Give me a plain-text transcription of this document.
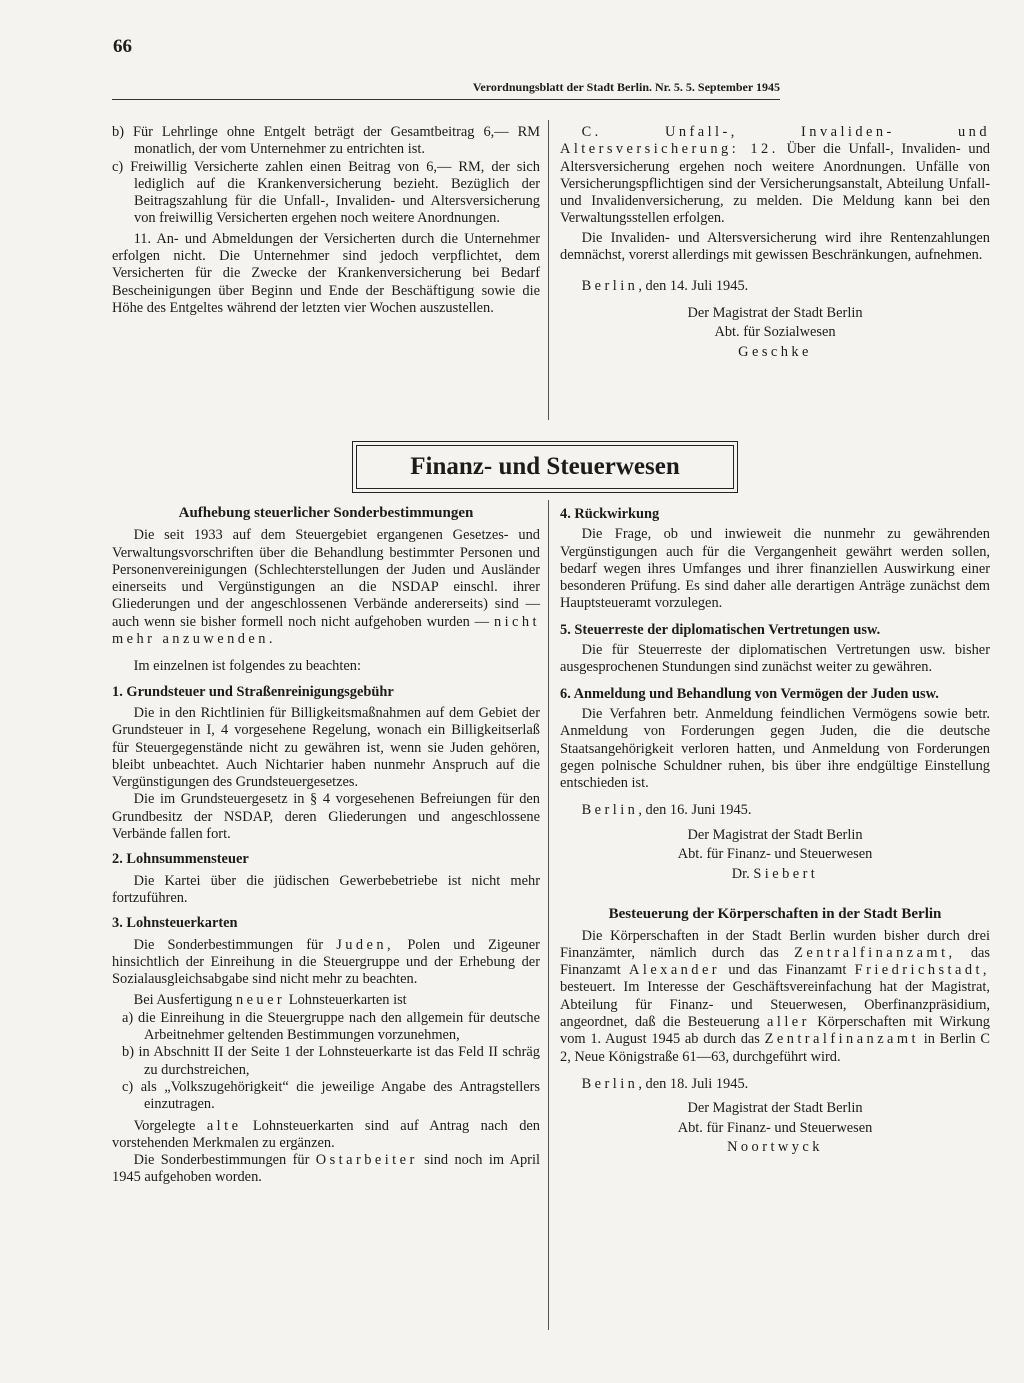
66
Verordnungsblatt der Stadt Berlin. Nr. 5. 5. September 1945

b) Für Lehrlinge ohne Entgelt beträgt der Gesamtbeitrag 6,— RM monatlich, der vom Unternehmer zu entrichten ist.

c) Freiwillig Versicherte zahlen einen Beitrag von 6,— RM, der sich lediglich auf die Krankenversicherung bezieht. Bezüglich der Beitragszahlung für die Unfall-, Invaliden- und Altersversicherung von freiwillig Versicherten ergehen noch weitere Anordnungen.

11. An- und Abmeldungen der Versicherten durch die Unternehmer erfolgen nicht. Die Unternehmer sind jedoch verpflichtet, dem Versicherten für die Zwecke der Krankenversicherung bei Bedarf Bescheinigungen über Beginn und Ende der Beschäftigung sowie die Höhe des Entgeltes während der letzten vier Wochen auszustellen.

C. Unfall-, Invaliden- und Altersversicherung: 12. Über die Unfall-, Invaliden- und Altersversicherung ergehen noch weitere Anordnungen. Unfälle von Versicherungspflichtigen sind der Versicherungsanstalt, Abteilung Unfall- und Invalidenversicherung, zu melden. Die Meldung kann bei den Verwaltungsstellen erfolgen.

Die Invaliden- und Altersversicherung wird ihre Rentenzahlungen demnächst, vorerst allerdings mit gewissen Beschränkungen, aufnehmen.

Berlin, den 14. Juli 1945.

Der Magistrat der Stadt Berlin

Abt. für Sozialwesen

Geschke

Finanz- und Steuerwesen

Aufhebung steuerlicher Sonderbestimmungen

Die seit 1933 auf dem Steuergebiet ergangenen Gesetzes- und Verwaltungsvorschriften über die Behandlung bestimmter Personen und Personenvereinigungen (Schlechterstellungen der Juden und Ausländer einerseits und Vergünstigungen an die NSDAP einschl. ihrer Gliederungen und der angeschlossenen Verbände andererseits) sind — auch wenn sie bisher formell noch nicht aufgehoben wurden — nicht mehr anzuwenden.

Im einzelnen ist folgendes zu beachten:

1. Grundsteuer und Straßenreinigungsgebühr

Die in den Richtlinien für Billigkeitsmaßnahmen auf dem Gebiet der Grundsteuer in I, 4 vorgesehene Regelung, wonach ein Billigkeitserlaß für Steuergegenstände nicht zu gewähren ist, wenn sie Juden gehören, bleibt unbeachtet. Auch Nichtarier haben nunmehr Anspruch auf die Vergünstigungen des Grundsteuergesetzes.

Die im Grundsteuergesetz in § 4 vorgesehenen Befreiungen für den Grundbesitz der NSDAP, deren Gliederungen und angeschlossene Verbände fallen fort.

2. Lohnsummensteuer

Die Kartei über die jüdischen Gewerbebetriebe ist nicht mehr fortzuführen.

3. Lohnsteuerkarten

Die Sonderbestimmungen für Juden, Polen und Zigeuner hinsichtlich der Einreihung in die Steuergruppe und der Erhebung der Sozialausgleichsabgabe sind nicht mehr zu beachten.

Bei Ausfertigung neuer Lohnsteuerkarten ist

a) die Einreihung in die Steuergruppe nach den allgemein für deutsche Arbeitnehmer geltenden Bestimmungen vorzunehmen,

b) in Abschnitt II der Seite 1 der Lohnsteuerkarte ist das Feld II schräg zu durchstreichen,

c) als „Volkszugehörigkeit“ die jeweilige Angabe des Antragstellers einzutragen.

Vorgelegte alte Lohnsteuerkarten sind auf Antrag nach den vorstehenden Merkmalen zu ergänzen.

Die Sonderbestimmungen für Ostarbeiter sind noch im April 1945 aufgehoben worden.

4. Rückwirkung

Die Frage, ob und inwieweit die nunmehr zu gewährenden Vergünstigungen auch für die Vergangenheit gewährt werden sollen, bedarf wegen ihres Umfanges und ihrer finanziellen Auswirkung einer besonderen Prüfung. Es sind daher alle derartigen Anträge zunächst dem Hauptsteueramt vorzulegen.

5. Steuerreste der diplomatischen Vertretungen usw.

Die für Steuerreste der diplomatischen Vertretungen usw. bisher ausgesprochenen Stundungen sind zunächst weiter zu gewähren.

6. Anmeldung und Behandlung von Vermögen der Juden usw.

Die Verfahren betr. Anmeldung feindlichen Vermögens sowie betr. Anmeldung von Forderungen gegen Juden, die die deutsche Staatsangehörigkeit verloren hatten, und Anmeldung von Forderungen gegen polnische Schuldner ruhen, bis über ihre endgültige Einstellung entschieden ist.

Berlin, den 16. Juni 1945.

Der Magistrat der Stadt Berlin

Abt. für Finanz- und Steuerwesen

Dr. Siebert

Besteuerung der Körperschaften in der Stadt Berlin

Die Körperschaften in der Stadt Berlin wurden bisher durch drei Finanzämter, nämlich durch das Zentralfinanzamt, das Finanzamt Alexander und das Finanzamt Friedrichstadt, besteuert. Im Interesse der Geschäftsvereinfachung hat der Magistrat, Abteilung für Finanz- und Steuerwesen, Oberfinanzpräsidium, angeordnet, daß die Besteuerung aller Körperschaften mit Wirkung vom 1. August 1945 ab durch das Zentralfinanzamt in Berlin C 2, Neue Königstraße 61—63, durchgeführt wird.

Berlin, den 18. Juli 1945.

Der Magistrat der Stadt Berlin

Abt. für Finanz- und Steuerwesen

Noortwyck
